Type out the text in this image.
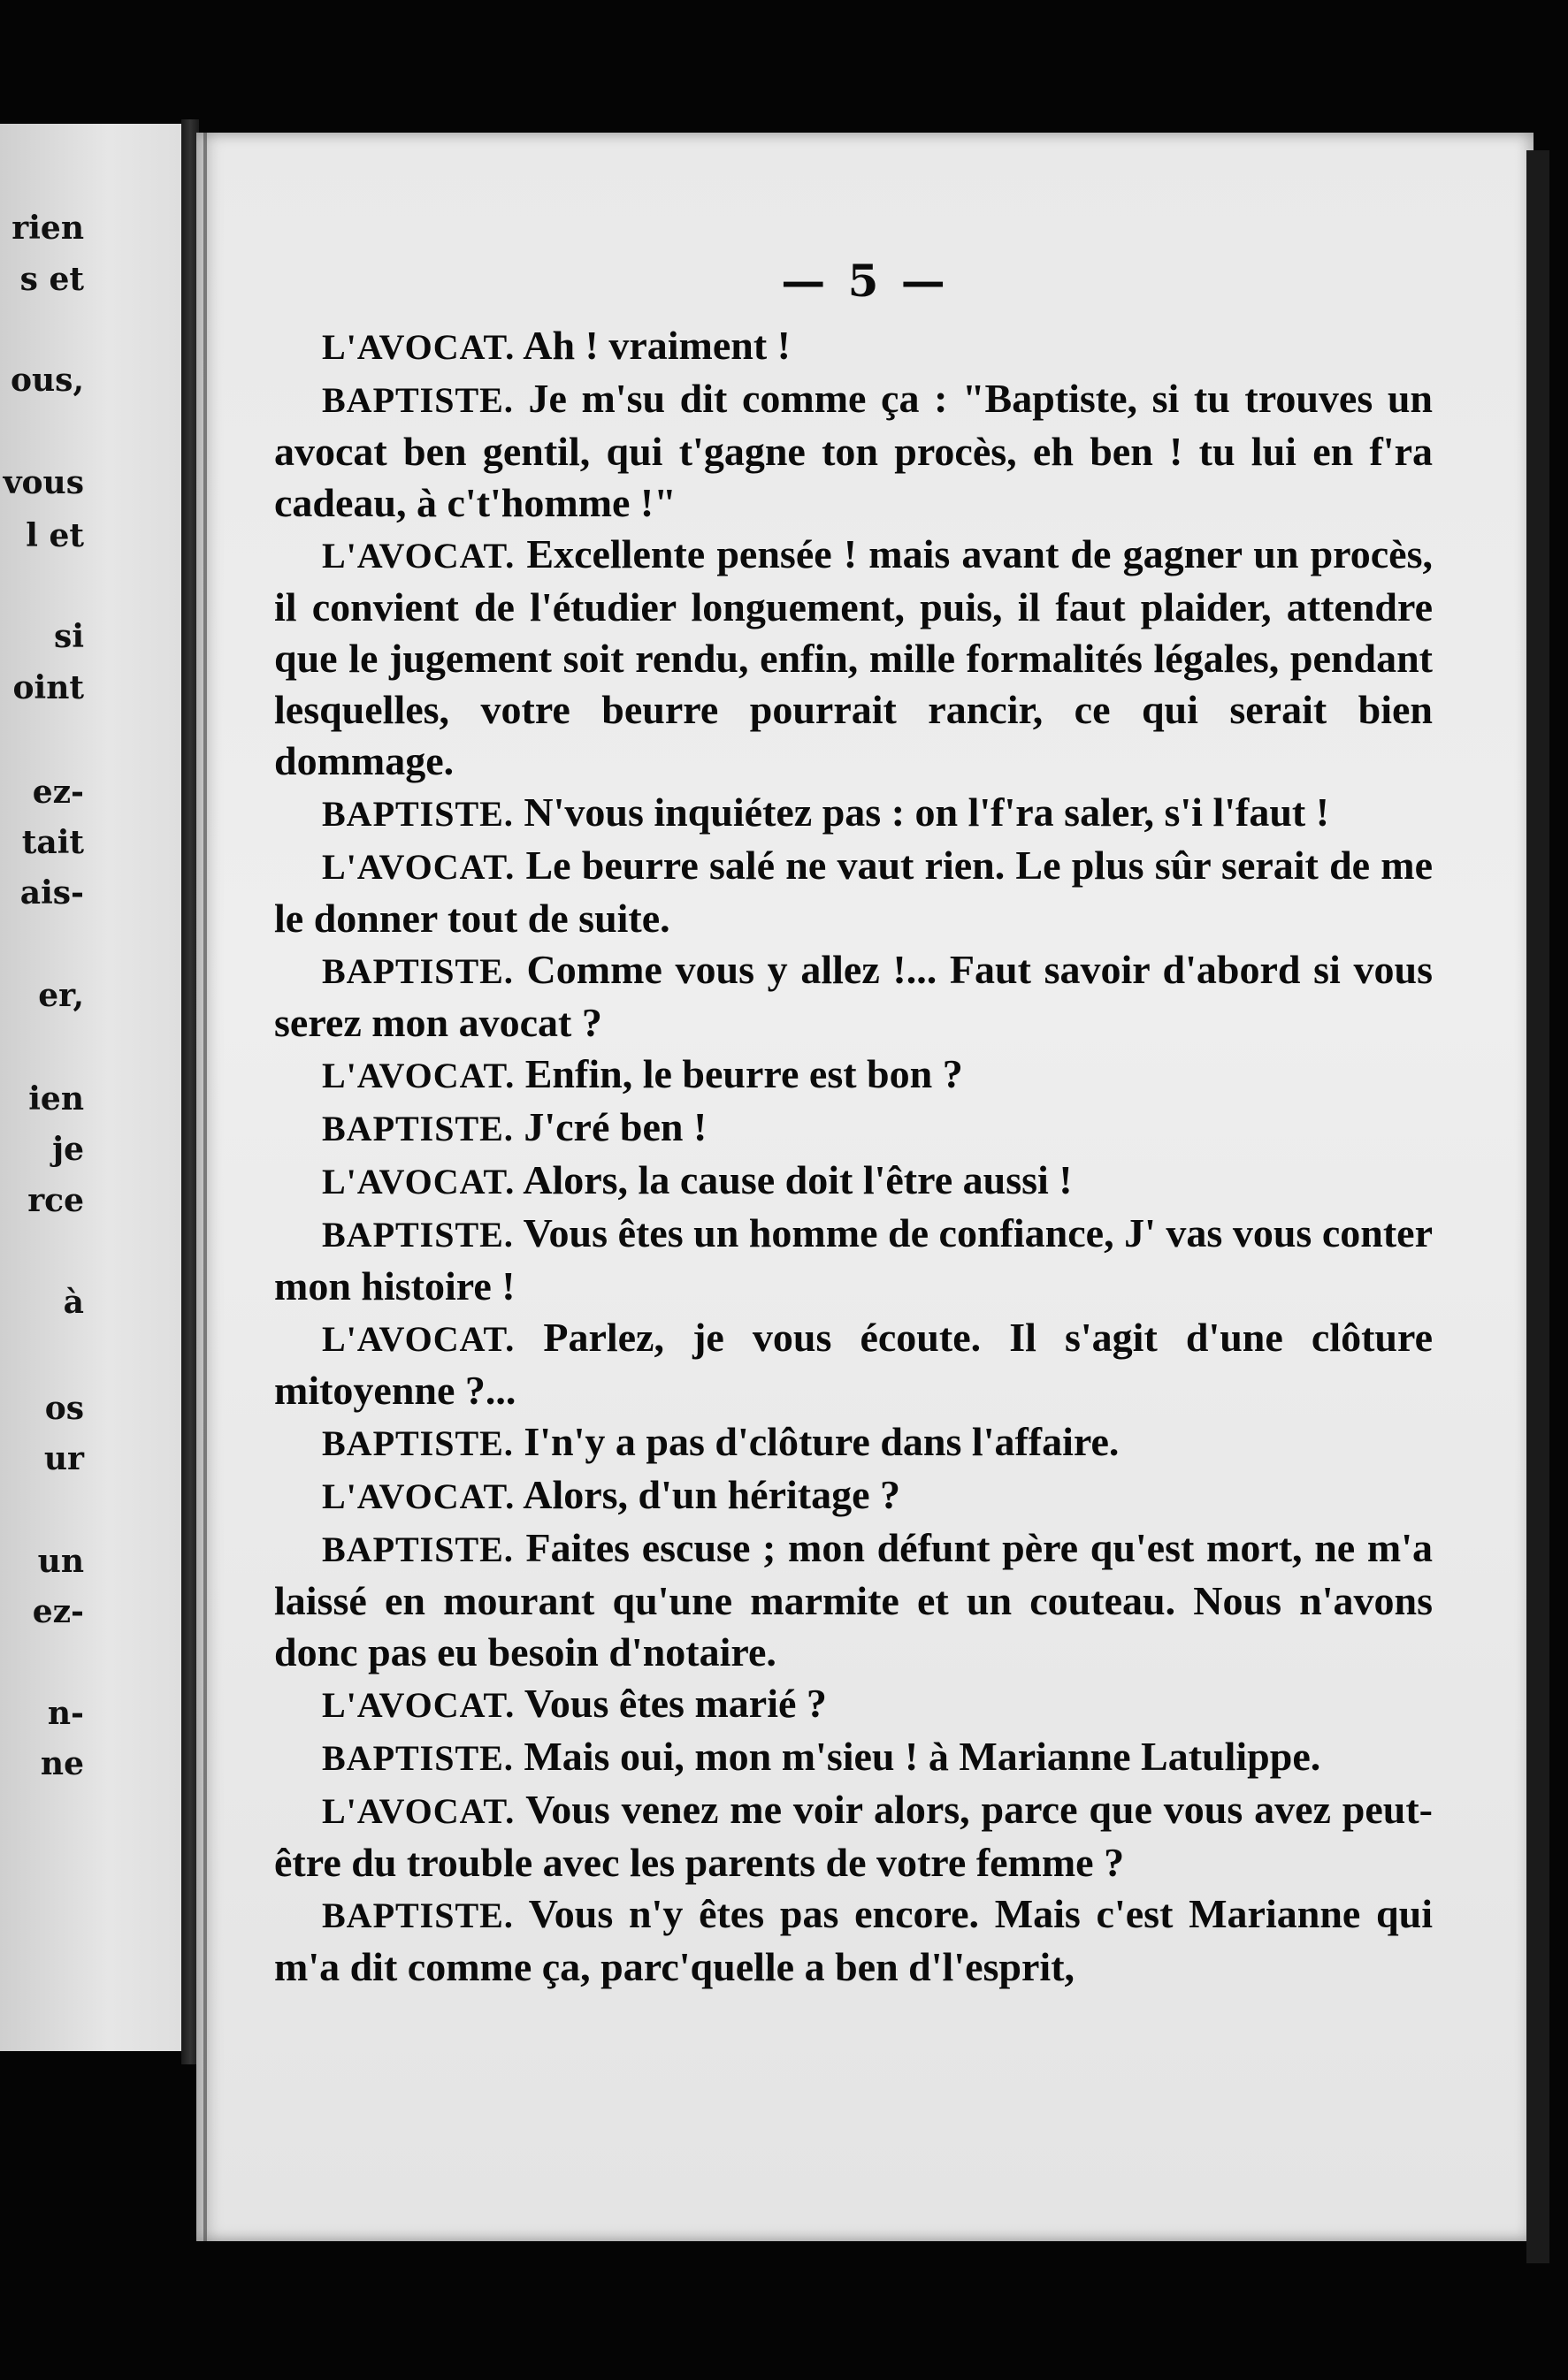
rien
s et
ous,
vous
l et
si
oint
ez-
tait
ais-
er,
ien
je
rce
à
os
ur
un
ez-
n-
ne
— 5 —

L'AVOCAT. Ah ! vraiment !

BAPTISTE. Je m'su dit comme ça : "Baptiste, si tu trouves un avocat ben gentil, qui t'gagne ton procès, eh ben ! tu lui en f'ra cadeau, à c't'homme !"

L'AVOCAT. Excellente pensée ! mais avant de gagner un procès, il convient de l'étudier longuement, puis, il faut plaider, attendre que le jugement soit rendu, enfin, mille formalités légales, pendant lesquelles, votre beurre pourrait rancir, ce qui serait bien dommage.

BAPTISTE. N'vous inquiétez pas : on l'f'ra saler, s'i l'faut !

L'AVOCAT. Le beurre salé ne vaut rien. Le plus sûr serait de me le donner tout de suite.

BAPTISTE. Comme vous y allez !... Faut savoir d'abord si vous serez mon avocat ?

L'AVOCAT. Enfin, le beurre est bon ?

BAPTISTE. J'cré ben !

L'AVOCAT. Alors, la cause doit l'être aussi !

BAPTISTE. Vous êtes un homme de confiance, J' vas vous conter mon histoire !

L'AVOCAT. Parlez, je vous écoute. Il s'agit d'une clôture mitoyenne ?...

BAPTISTE. I'n'y a pas d'clôture dans l'affaire.

L'AVOCAT. Alors, d'un héritage ?

BAPTISTE. Faites escuse ; mon défunt père qu'est mort, ne m'a laissé en mourant qu'une marmite et un couteau. Nous n'avons donc pas eu besoin d'notaire.

L'AVOCAT. Vous êtes marié ?

BAPTISTE. Mais oui, mon m'sieu ! à Marianne Latulippe.

L'AVOCAT. Vous venez me voir alors, parce que vous avez peut-être du trouble avec les parents de votre femme ?

BAPTISTE. Vous n'y êtes pas encore. Mais c'est Marianne qui m'a dit comme ça, parc'quelle a ben d'l'esprit,
